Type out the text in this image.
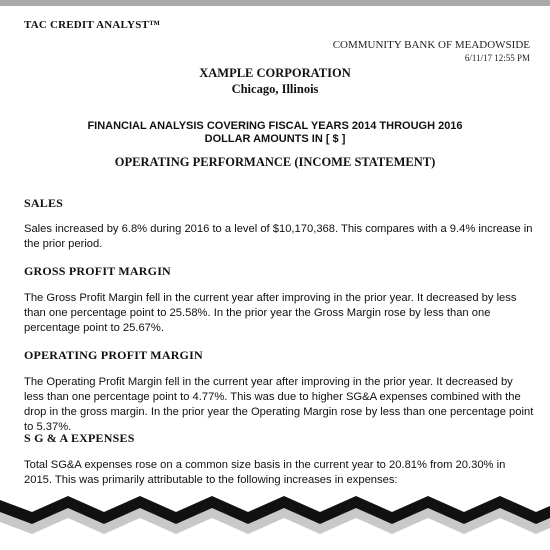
TAC CREDIT ANALYST™
COMMUNITY BANK OF MEADOWSIDE
6/11/17 12:55 PM
XAMPLE CORPORATION
Chicago, Illinois
FINANCIAL ANALYSIS COVERING FISCAL YEARS 2014 THROUGH 2016
DOLLAR AMOUNTS IN [ $ ]
OPERATING PERFORMANCE (INCOME STATEMENT)
SALES
Sales increased by 6.8% during 2016 to a level of $10,170,368. This compares with a 9.4% increase in the prior period.
GROSS PROFIT MARGIN
The Gross Profit Margin fell in the current year after improving in the prior year. It decreased by less than one percentage point to 25.58%. In the prior year the Gross Margin rose by less than one percentage point to 25.67%.
OPERATING PROFIT MARGIN
The Operating Profit Margin fell in the current year after improving in the prior year. It decreased by less than one percentage point to 4.77%. This was due to higher SG&A expenses combined with the drop in the gross margin. In the prior year the Operating Margin rose by less than one percentage point to 5.37%.
S G & A EXPENSES
Total SG&A expenses rose on a common size basis in the current year to 20.81% from 20.30% in 2015. This was primarily attributable to the following increases in expenses:
